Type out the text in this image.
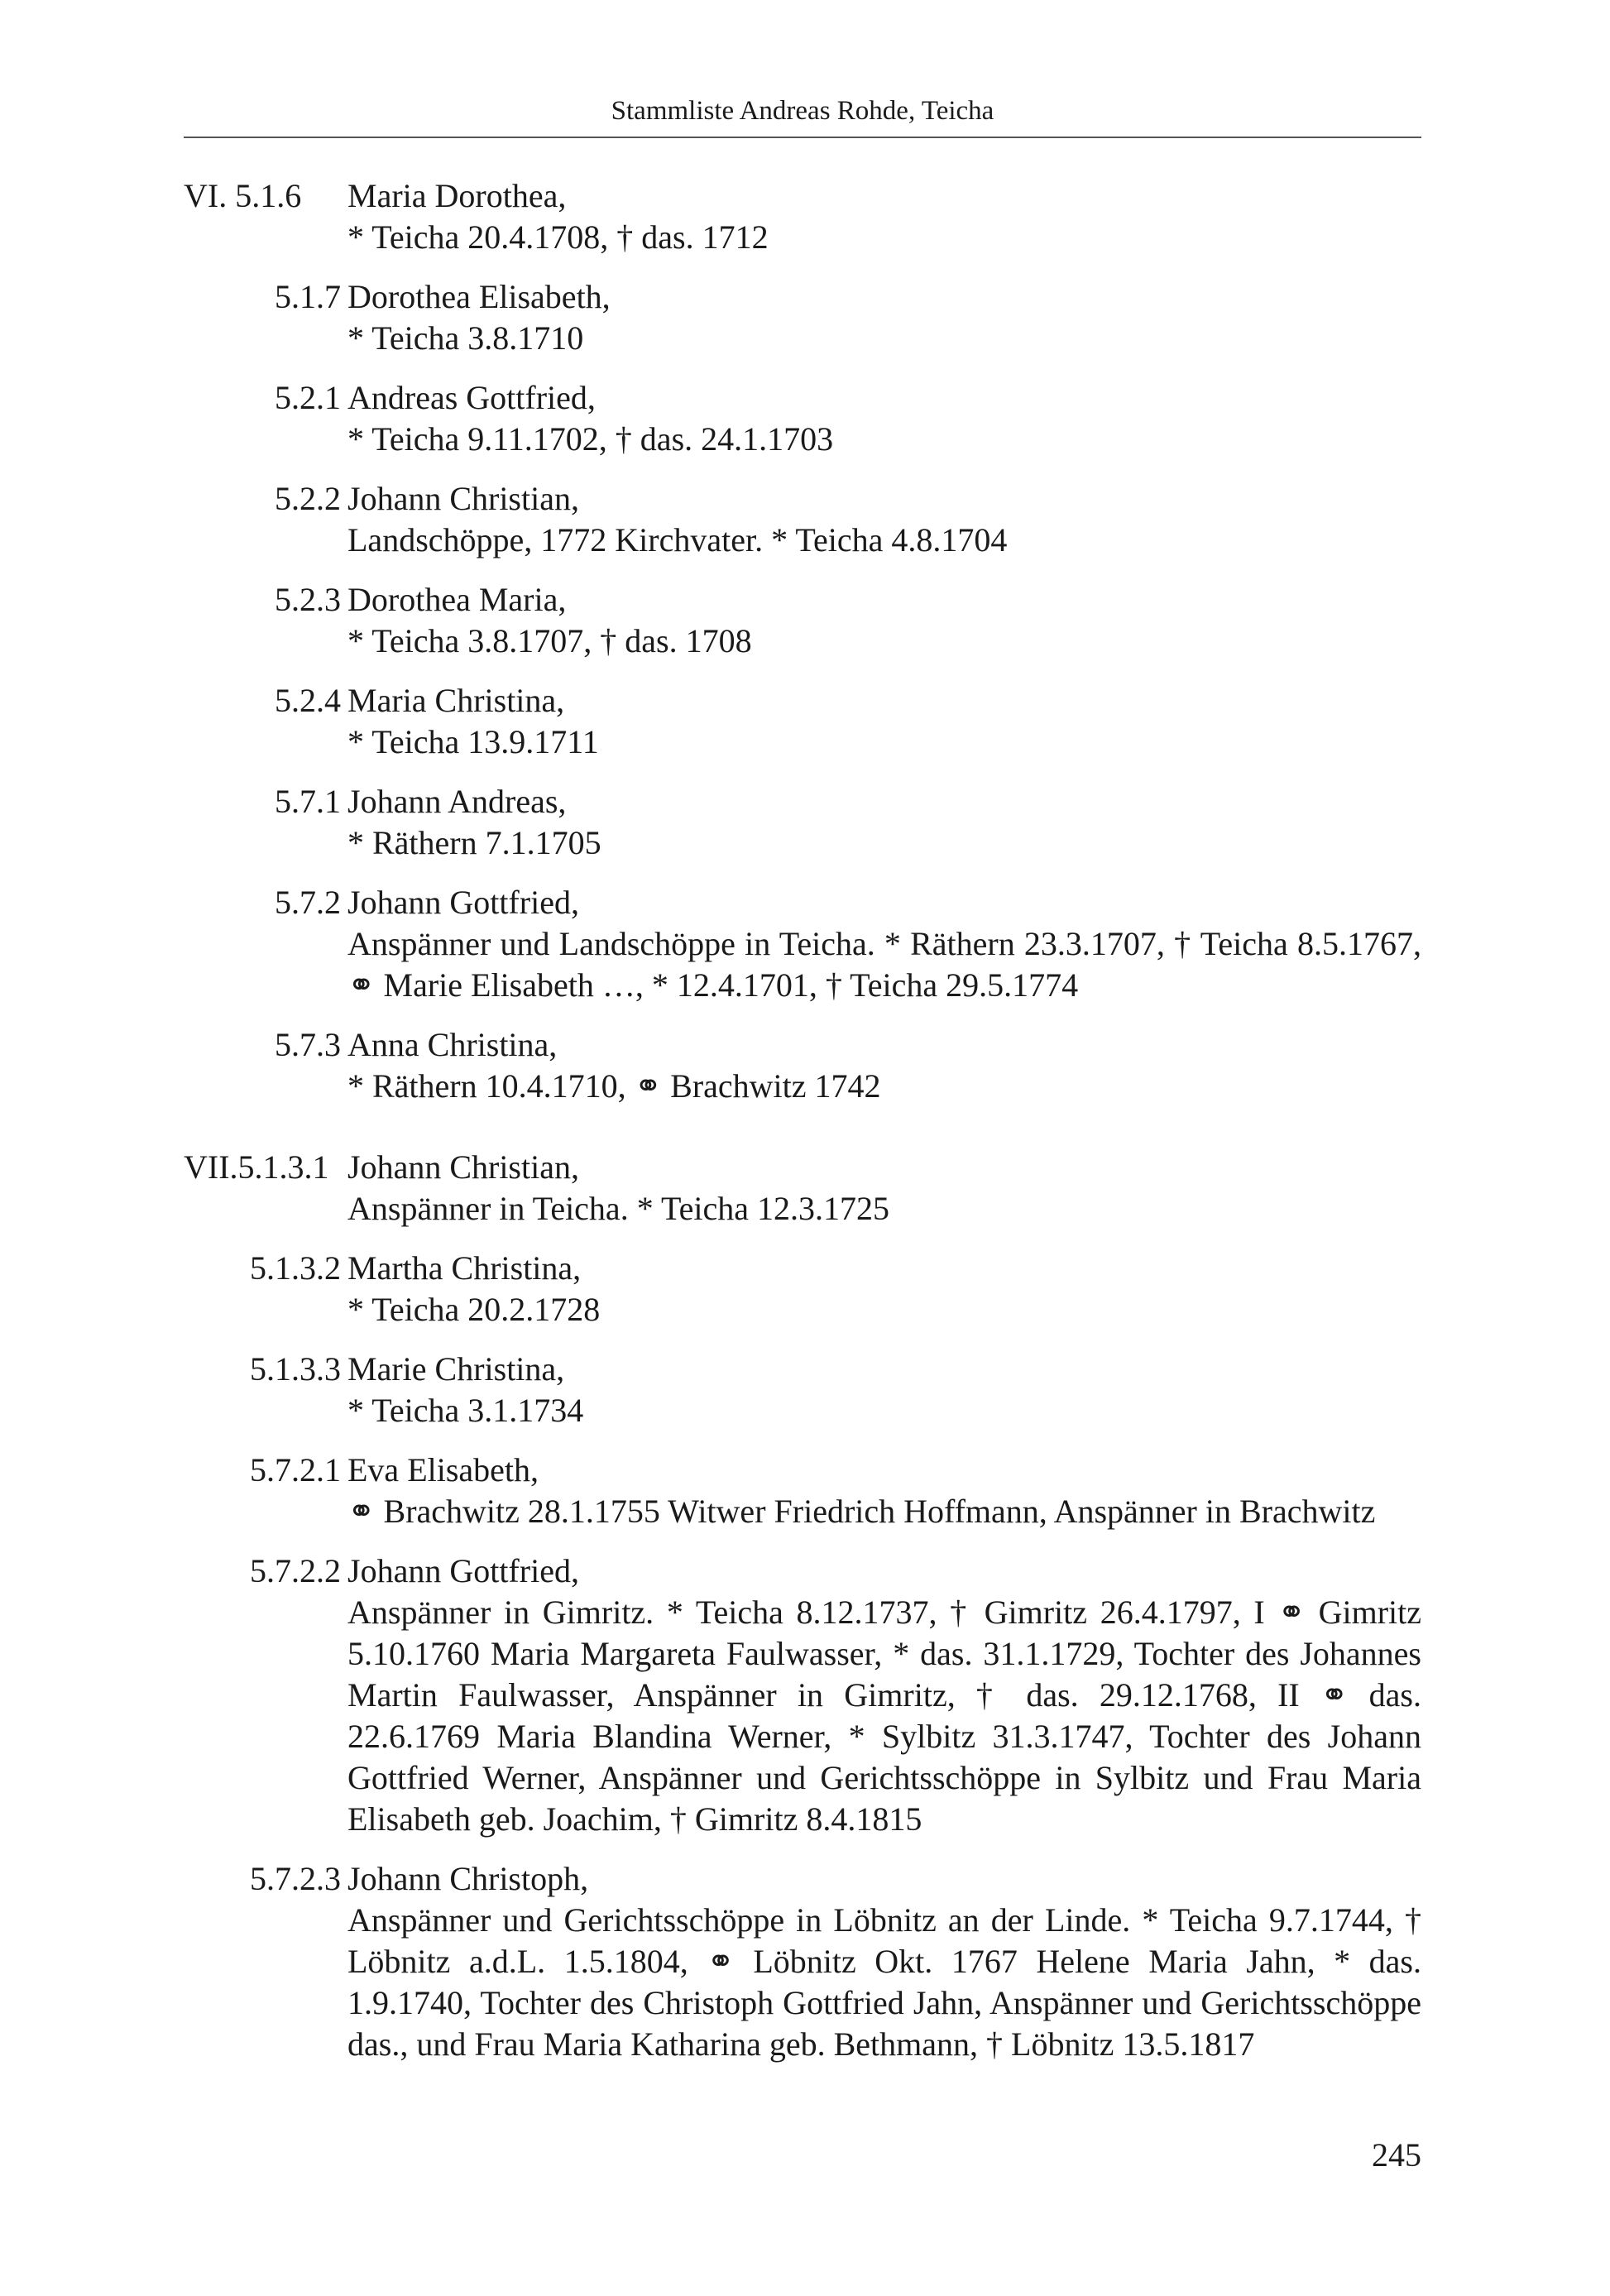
Stammliste Andreas Rohde, Teicha
VI. 5.1.6	Maria Dorothea,
* Teicha 20.4.1708, † das. 1712
5.1.7 Dorothea Elisabeth,
* Teicha 3.8.1710
5.2.1 Andreas Gottfried,
* Teicha 9.11.1702, † das. 24.1.1703
5.2.2 Johann Christian,
Landschöppe, 1772 Kirchvater. * Teicha 4.8.1704
5.2.3 Dorothea Maria,
* Teicha 3.8.1707, † das. 1708
5.2.4 Maria Christina,
* Teicha 13.9.1711
5.7.1 Johann Andreas,
* Räthern 7.1.1705
5.7.2 Johann Gottfried,
Anspänner und Landschöppe in Teicha. * Räthern 23.3.1707, † Teicha 8.5.1767, ⚭ Marie Elisabeth …, * 12.4.1701, † Teicha 29.5.1774
5.7.3 Anna Christina,
* Räthern 10.4.1710, ⚭ Brachwitz 1742
VII.5.1.3.1 Johann Christian,
Anspänner in Teicha. * Teicha 12.3.1725
5.1.3.2 Martha Christina,
* Teicha 20.2.1728
5.1.3.3 Marie Christina,
* Teicha 3.1.1734
5.7.2.1 Eva Elisabeth,
⚭ Brachwitz 28.1.1755 Witwer Friedrich Hoffmann, Anspänner in Brachwitz
5.7.2.2 Johann Gottfried,
Anspänner in Gimritz. * Teicha 8.12.1737, † Gimritz 26.4.1797, I ⚭ Gimritz 5.10.1760 Maria Margareta Faulwasser, * das. 31.1.1729, Tochter des Johannes Martin Faulwasser, Anspänner in Gimritz, † das. 29.12.1768, II ⚭ das. 22.6.1769 Maria Blandina Werner, * Sylbitz 31.3.1747, Tochter des Johann Gottfried Werner, Anspänner und Gerichtsschöppe in Sylbitz und Frau Maria Elisabeth geb. Joachim, † Gimritz 8.4.1815
5.7.2.3 Johann Christoph,
Anspänner und Gerichtsschöppe in Löbnitz an der Linde. * Teicha 9.7.1744, † Löbnitz a.d.L. 1.5.1804, ⚭ Löbnitz Okt. 1767 Helene Maria Jahn, * das. 1.9.1740, Tochter des Christoph Gottfried Jahn, Anspänner und Gerichtsschöppe das., und Frau Maria Katharina geb. Bethmann, † Löbnitz 13.5.1817
245
